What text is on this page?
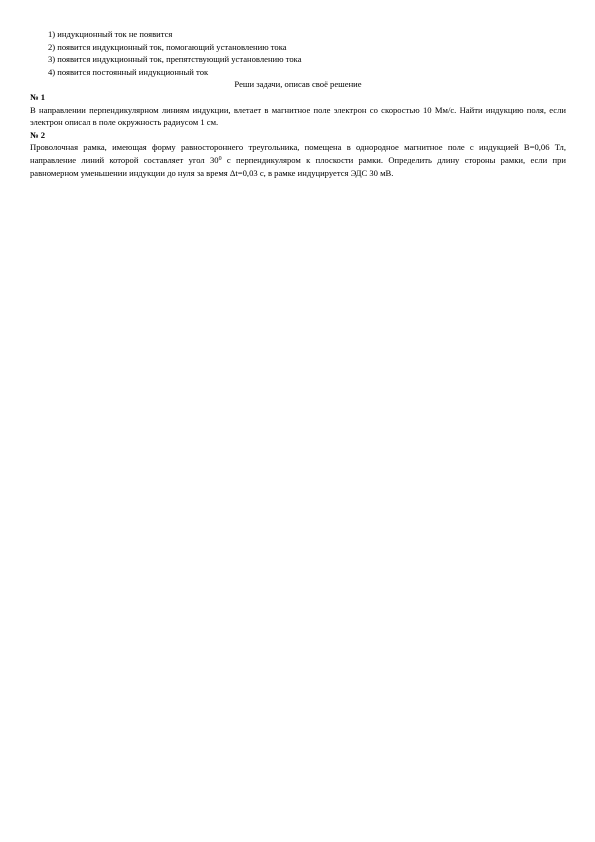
1) индукционный ток не появится
2) появится индукционный ток, помогающий установлению тока
3) появится индукционный ток, препятствующий установлению тока
4) появится постоянный индукционный ток
Реши задачи, описав своё решение
№ 1

В направлении перпендикулярном линиям индукции, влетает в магнитное поле электрон со скоростью 10 Мм/с. Найти индукцию поля, если электрон описал в поле окружность радиусом 1 см.

№ 2

Проволочная рамка, имеющая форму равностороннего треугольника, помещена в однородное магнитное поле с индукцией В=0,06 Тл, направление линий которой составляет угол $30^0$ с перпендикуляром к плоскости рамки. Определить длину стороны рамки, если при равномерном уменьшении индукции до нуля за время Δt=0,03 с, в рамке индуцируется ЭДС 30 мВ.
